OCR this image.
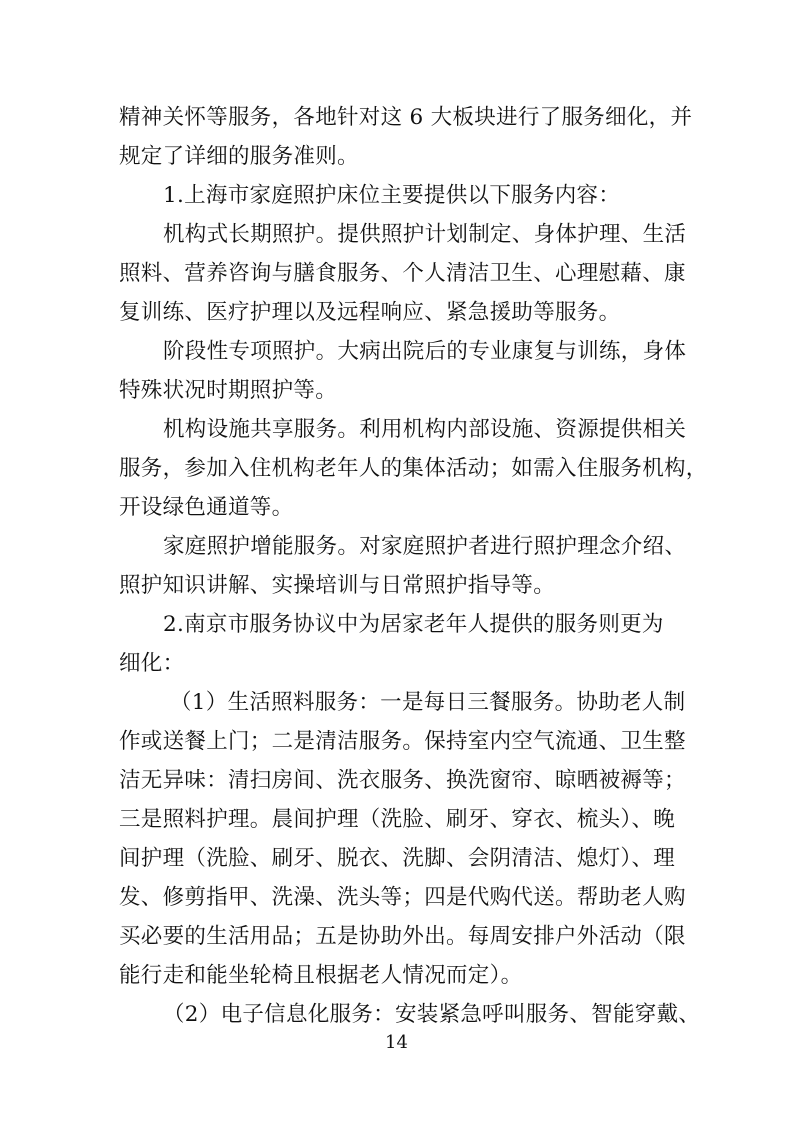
精神关怀等服务，各地针对这 6 大板块进行了服务细化，并
规定了详细的服务准则。
1.上海市家庭照护床位主要提供以下服务内容：
机构式长期照护。提供照护计划制定、身体护理、生活
照料、营养咨询与膳食服务、个人清洁卫生、心理慰藉、康
复训练、医疗护理以及远程响应、紧急援助等服务。
阶段性专项照护。大病出院后的专业康复与训练，身体
特殊状况时期照护等。
机构设施共享服务。利用机构内部设施、资源提供相关
服务，参加入住机构老年人的集体活动；如需入住服务机构，
开设绿色通道等。
家庭照护增能服务。对家庭照护者进行照护理念介绍、
照护知识讲解、实操培训与日常照护指导等。
2.南京市服务协议中为居家老年人提供的服务则更为
细化：
（1）生活照料服务：一是每日三餐服务。协助老人制
作或送餐上门；二是清洁服务。保持室内空气流通、卫生整
洁无异味：清扫房间、洗衣服务、换洗窗帘、晾晒被褥等；
三是照料护理。晨间护理（洗脸、刷牙、穿衣、梳头）、晚
间护理（洗脸、刷牙、脱衣、洗脚、会阴清洁、熄灯）、理
发、修剪指甲、洗澡、洗头等；四是代购代送。帮助老人购
买必要的生活用品；五是协助外出。每周安排户外活动（限
能行走和能坐轮椅且根据老人情况而定）。
（2）电子信息化服务：安装紧急呼叫服务、智能穿戴、
14
